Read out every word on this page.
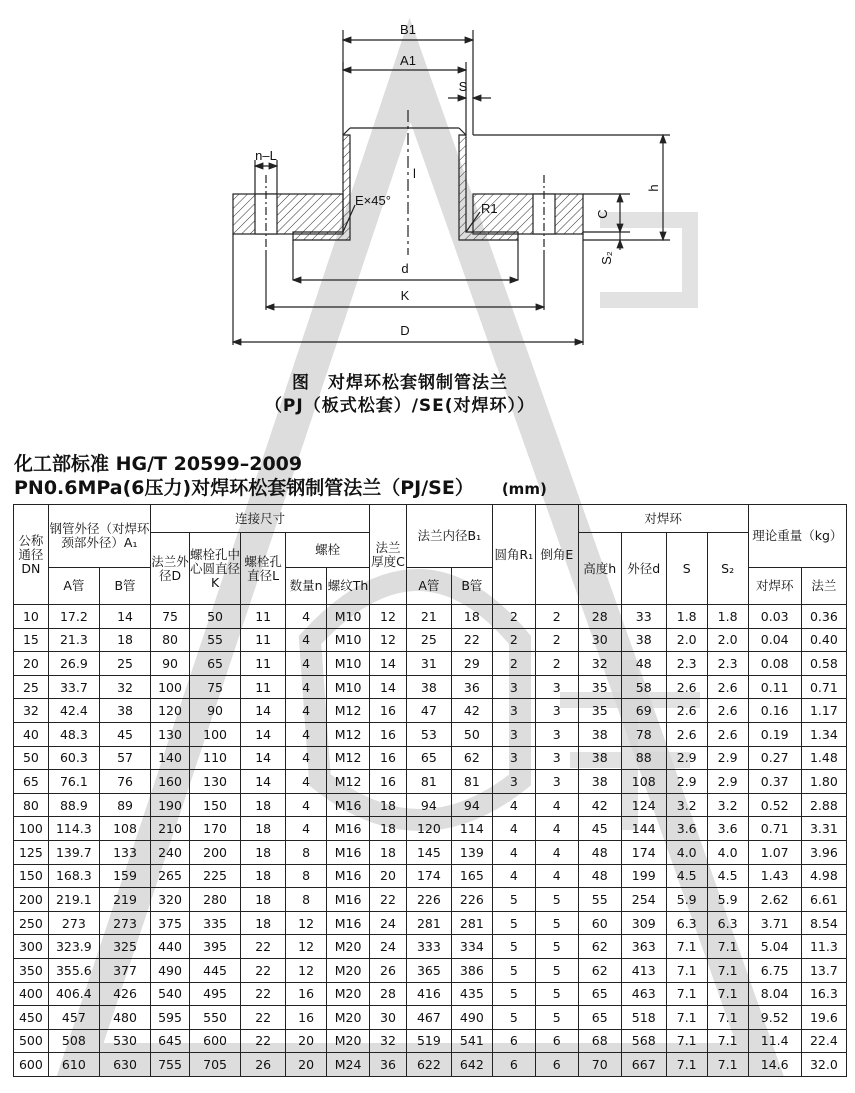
B1
A1
S
l
n–L
E×45°
R1	C
h
S₂
d
K
D
图　对焊环松套钢制管法兰
（PJ（板式松套）/SE(对焊环））
化工部标准 HG/T 20599–2009
PN0.6MPa(6压力)对焊环松套钢制管法兰（PJ/SE） (mm)
公称通径DN	钢管外径（对焊环颈部外径）A₁		连接尺寸					法兰厚度C	法兰内径B₁		圆角R₁	倒角E	对焊环				理论重量（kg）	
			法兰外径D	螺栓孔中心圆直径K	螺栓孔直径L	螺栓							高度h	外径d	S	S₂		
	A管	B管				数量n	螺纹Th		A管	B管							对焊环	法兰
10	17.2	14	75	50	11	4	M10	12	21	18	2	2	28	33	1.8	1.8	0.03	0.36
15	21.3	18	80	55	11	4	M10	12	25	22	2	2	30	38	2.0	2.0	0.04	0.40
20	26.9	25	90	65	11	4	M10	14	31	29	2	2	32	48	2.3	2.3	0.08	0.58
25	33.7	32	100	75	11	4	M10	14	38	36	3	3	35	58	2.6	2.6	0.11	0.71
32	42.4	38	120	90	14	4	M12	16	47	42	3	3	35	69	2.6	2.6	0.16	1.17
40	48.3	45	130	100	14	4	M12	16	53	50	3	3	38	78	2.6	2.6	0.19	1.34
50	60.3	57	140	110	14	4	M12	16	65	62	3	3	38	88	2.9	2.9	0.27	1.48
65	76.1	76	160	130	14	4	M12	16	81	81	3	3	38	108	2.9	2.9	0.37	1.80
80	88.9	89	190	150	18	4	M16	18	94	94	4	4	42	124	3.2	3.2	0.52	2.88
100	114.3	108	210	170	18	4	M16	18	120	114	4	4	45	144	3.6	3.6	0.71	3.31
125	139.7	133	240	200	18	8	M16	18	145	139	4	4	48	174	4.0	4.0	1.07	3.96
150	168.3	159	265	225	18	8	M16	20	174	165	4	4	48	199	4.5	4.5	1.43	4.98
200	219.1	219	320	280	18	8	M16	22	226	226	5	5	55	254	5.9	5.9	2.62	6.61
250	273	273	375	335	18	12	M16	24	281	281	5	5	60	309	6.3	6.3	3.71	8.54
300	323.9	325	440	395	22	12	M20	24	333	334	5	5	62	363	7.1	7.1	5.04	11.3
350	355.6	377	490	445	22	12	M20	26	365	386	5	5	62	413	7.1	7.1	6.75	13.7
400	406.4	426	540	495	22	16	M20	28	416	435	5	5	65	463	7.1	7.1	8.04	16.3
450	457	480	595	550	22	16	M20	30	467	490	5	5	65	518	7.1	7.1	9.52	19.6
500	508	530	645	600	22	20	M20	32	519	541	6	6	68	568	7.1	7.1	11.4	22.4
600	610	630	755	705	26	20	M24	36	622	642	6	6	70	667	7.1	7.1	14.6	32.0
